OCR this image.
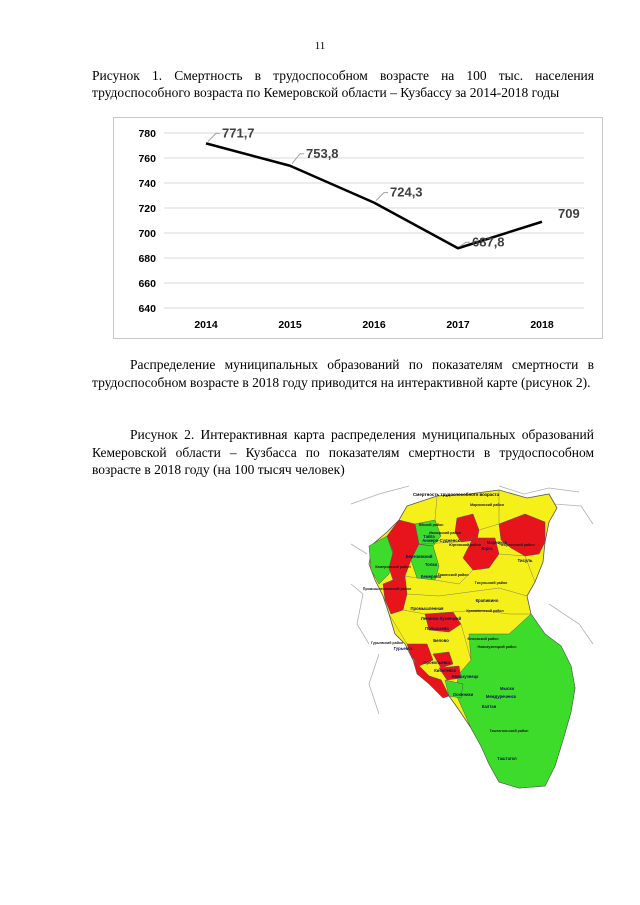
11
Рисунок 1. Смертность в трудоспособном возрасте на 100 тыс. населения трудоспособного возраста по Кемеровской области – Кузбассу за 2014-2018 годы
640
660
680
700
720
740
760
780
2014	2015	2016	2017	2018
771,7
753,8
724,3
687,8
709
Распределение муниципальных образований по показателям смертности в трудоспособном возрасте в 2018 году приводится на интерактивной карте (рисунок 2).
Рисунок 2. Интерактивная карта распределения муниципальных образований Кемеровской области – Кузбасса по показателям смертности в трудоспособном возрасте в 2018 году (на 100 тысяч человек)
Смертность трудоспособного возраста
Мариинский район
Яйский район
Ижморский район
Тайга
Анжеро-Судженск	Мариинск
Чебулинский район
Юргинский район
Юрга
Березовский
Топки
Тисуль
Кемерово
Кемеровский район
Тяжинский район
Тисульский район
Промышленновский район
Крапивино
Крапивинский район
Промышленная
Ленинск-Кузнецкий
Полысаево
Белово	Беловский район
Гурьевский район
Гурьевск	Новокузнецкий район
Прокопьевск
Киселевск
Новокузнецк
Осинники
Мыски
Междуреченск
Калтан
Таштагольский район
Таштагол
